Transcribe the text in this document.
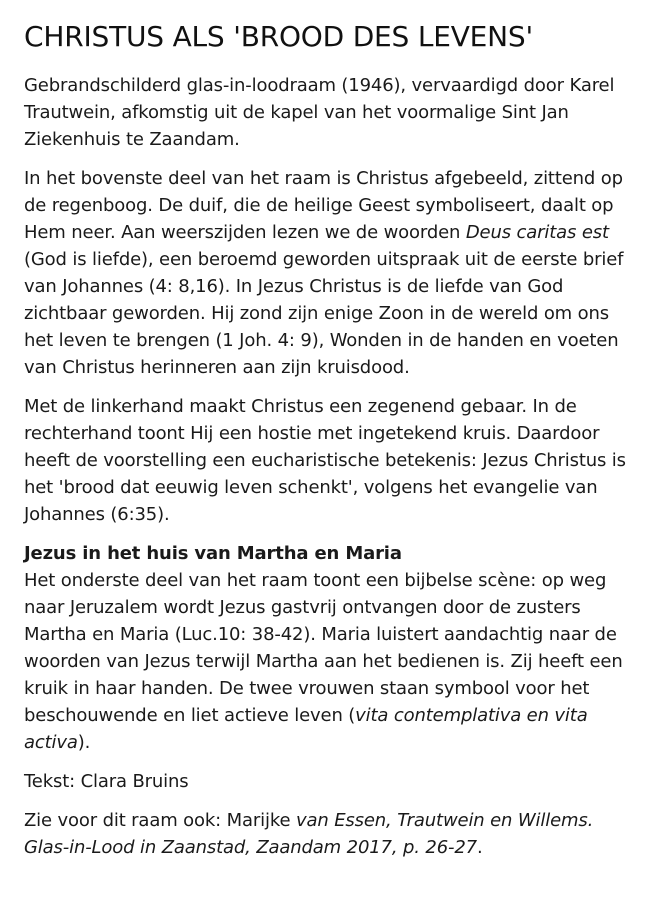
CHRISTUS ALS 'BROOD DES LEVENS'

Gebrandschilderd glas-in-loodraam (1946), vervaardigd door Karel Trautwein, afkomstig uit de kapel van het voormalige Sint Jan Ziekenhuis te Zaandam.

In het bovenste deel van het raam is Christus afgebeeld, zittend op de regenboog. De duif, die de heilige Geest symboliseert, daalt op Hem neer. Aan weerszijden lezen we de woorden Deus caritas est (God is liefde), een beroemd geworden uitspraak uit de eerste brief van Johannes (4: 8,16). In Jezus Christus is de liefde van God zichtbaar geworden. Hij zond zijn enige Zoon in de wereld om ons het leven te brengen (1 Joh. 4: 9), Wonden in de handen en voeten van Christus herinneren aan zijn kruisdood.

Met de linkerhand maakt Christus een zegenend gebaar. In de rechterhand toont Hij een hostie met ingetekend kruis. Daardoor heeft de voorstelling een eucharistische betekenis: Jezus Christus is het 'brood dat eeuwig leven schenkt', volgens het evangelie van Johannes (6:35).

Jezus in het huis van Martha en Maria
Het onderste deel van het raam toont een bijbelse scène: op weg naar Jeruzalem wordt Jezus gastvrij ontvangen door de zusters Martha en Maria (Luc.10: 38-42). Maria luistert aandachtig naar de woorden van Jezus terwijl Martha aan het bedienen is. Zij heeft een kruik in haar handen. De twee vrouwen staan symbool voor het beschouwende en liet actieve leven (vita contemplativa en vita activa).

Tekst: Clara Bruins

Zie voor dit raam ook: Marijke van Essen, Trautwein en Willems. Glas-in-Lood in Zaanstad, Zaandam 2017, p. 26-27.
